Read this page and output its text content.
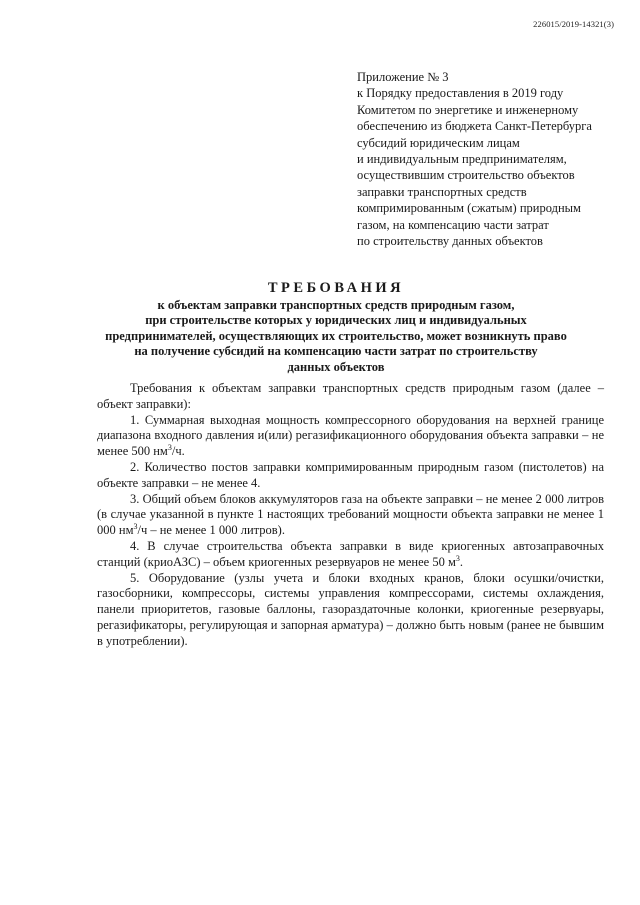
226015/2019-14321(3)
Приложение № 3
к Порядку предоставления в 2019 году
Комитетом по энергетике и инженерному
обеспечению из бюджета Санкт-Петербурга
субсидий юридическим лицам
и индивидуальным предпринимателям,
осуществившим строительство объектов
заправки транспортных средств
компримированным (сжатым) природным
газом, на компенсацию части затрат
по строительству данных объектов
ТРЕБОВАНИЯ
к объектам заправки транспортных средств природным газом,
при строительстве которых у юридических лиц и индивидуальных
предпринимателей, осуществляющих их строительство, может возникнуть право
на получение субсидий на компенсацию части затрат по строительству
данных объектов

Требования к объектам заправки транспортных средств природным газом (далее – объект заправки):

1. Суммарная выходная мощность компрессорного оборудования на верхней границе диапазона входного давления и(или) регазификационного оборудования объекта заправки – не менее 500 $нм^3/ч$.

2. Количество постов заправки компримированным природным газом (пистолетов) на объекте заправки – не менее 4.

3. Общий объем блоков аккумуляторов газа на объекте заправки – не менее 2 000 литров (в случае указанной в пункте 1 настоящих требований мощности объекта заправки не менее 1 000 $нм^3/ч$ – не менее 1 000 литров).

4. В случае строительства объекта заправки в виде криогенных автозаправочных станций (криоАЗС) – объем криогенных резервуаров не менее 50 $м^3$.

5. Оборудование (узлы учета и блоки входных кранов, блоки осушки/очистки, газосборники, компрессоры, системы управления компрессорами, системы охлаждения, панели приоритетов, газовые баллоны, газораздаточные колонки, криогенные резервуары, регазификаторы, регулирующая и запорная арматура) – должно быть новым (ранее не бывшим в употреблении).
